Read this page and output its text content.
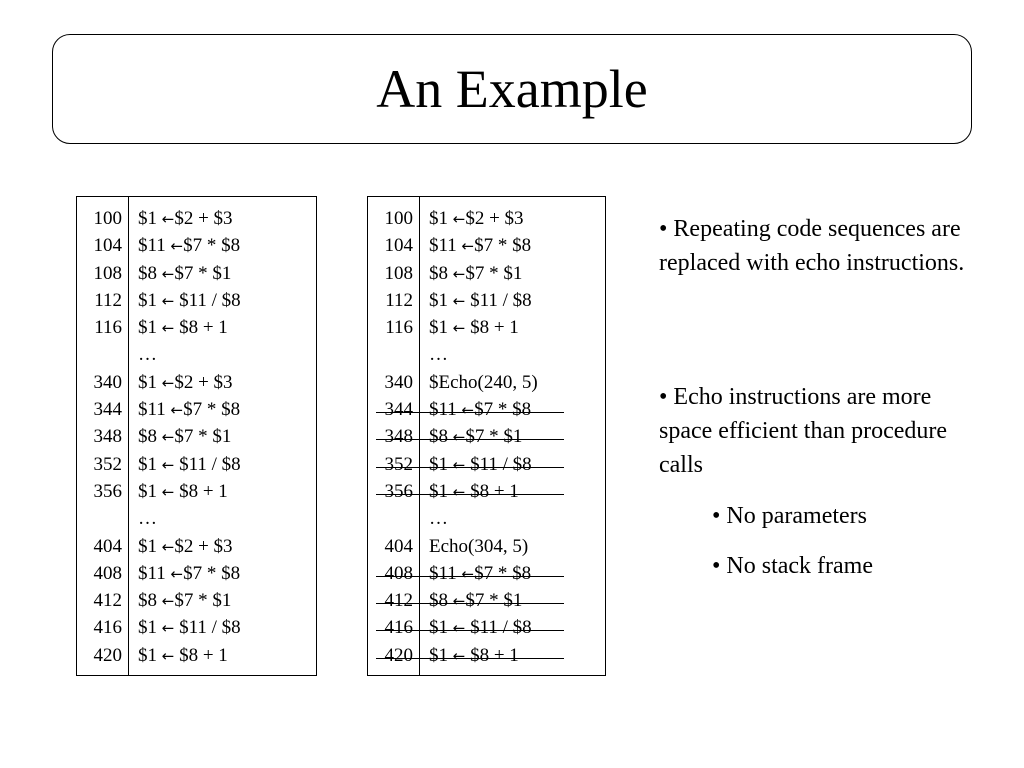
An Example
100
104
108
112
116
340
344
348
352
356
404
408
412
416
420
$1 ←$2 + $3
$11 ←$7 * $8
$8 ←$7 * $1
$1 ← $11 / $8
$1 ← $8 + 1
…
$1 ←$2 + $3
$11 ←$7 * $8
$8 ←$7 * $1
$1 ← $11 / $8
$1 ← $8 + 1
…
$1 ←$2 + $3
$11 ←$7 * $8
$8 ←$7 * $1
$1 ← $11 / $8
$1 ← $8 + 1
100
104
108
112
116
340
344
348
352
356
404
408
412
416
420
$1 ←$2 + $3
$11 ←$7 * $8
$8 ←$7 * $1
$1 ← $11 / $8
$1 ← $8 + 1
…
$Echo(240, 5)
$11 ←$7 * $8
$8 ←$7 * $1
$1 ← $11 / $8
$1 ← $8 + 1
…
Echo(304, 5)
$11 ←$7 * $8
$8 ←$7 * $1
$1 ← $11 / $8
$1 ← $8 + 1

• Repeating code sequences are replaced with echo instructions.

• Echo instructions are more space efficient than procedure calls

• No parameters
• No stack frame
